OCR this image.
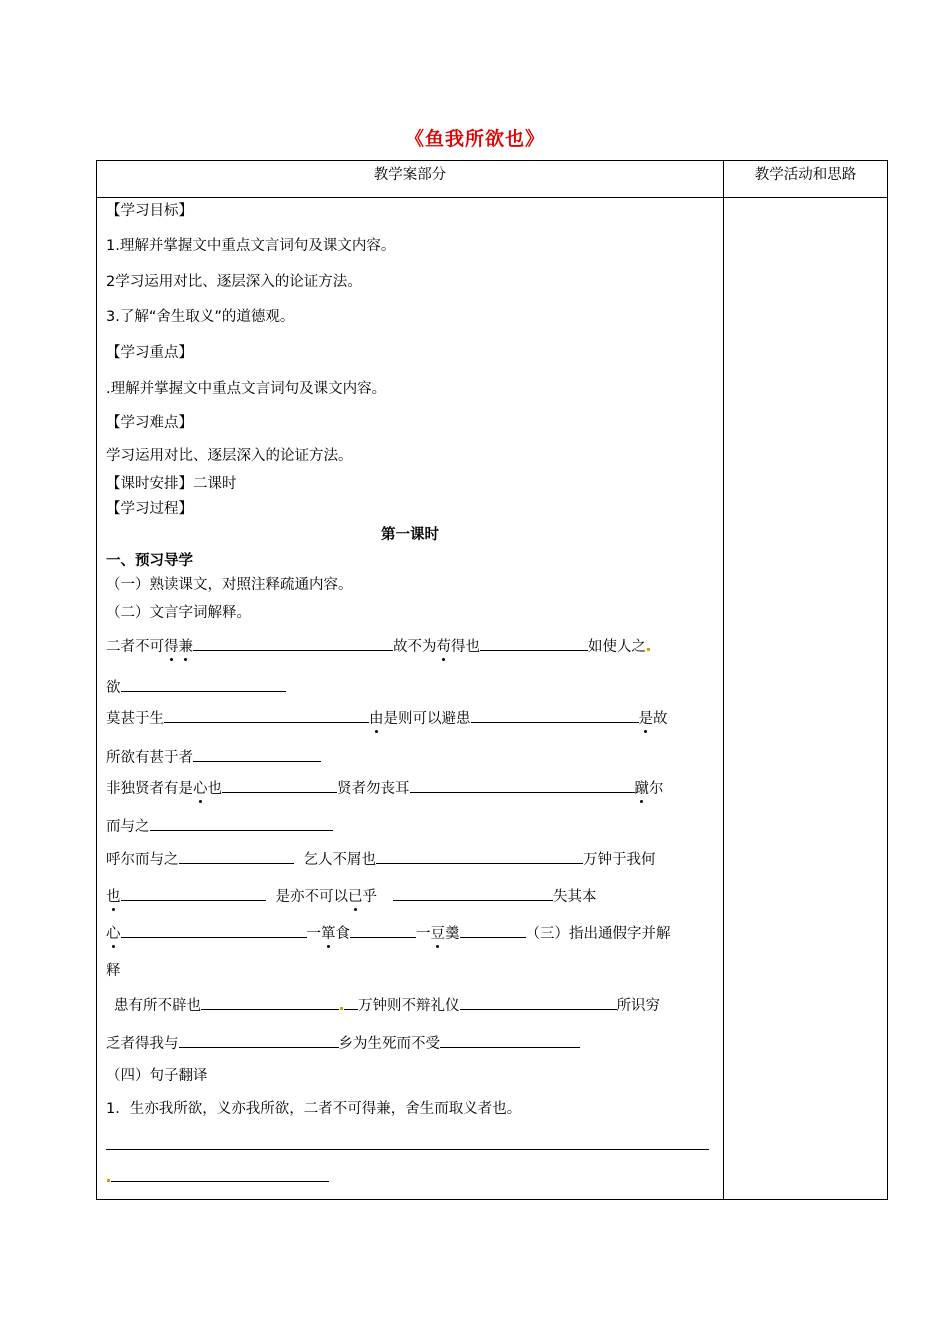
《鱼我所欲也》
教学案部分	教学活动和思路
【学习目标】
1.理解并掌握文中重点文言词句及课文内容。
2学习运用对比、逐层深入的论证方法。
3.了解“舍生取义”的道德观。
【学习重点】
.理解并掌握文中重点文言词句及课文内容。
【学习难点】
学习运用对比、逐层深入的论证方法。
【课时安排】二课时
【学习过程】
第一课时
一、预习导学
（一）熟读课文，对照注释疏通内容。
（二）文言字词解释。
二者不可得兼	故不为苟得也	如使人之
欲
莫甚于生	由是则可以避患	是故
所欲有甚于者
非独贤者有是心也	贤者勿丧耳	蹴尔
而与之
呼尔而与之	乞人不屑也	万钟于我何
也	是亦不可以已乎	失其本
心	一箪食	一豆羹	（三）指出通假字并解
释
患有所不辟也	万钟则不辩礼仪	所识穷
乏者得我与	乡为生死而不受
（四）句子翻译
1．生亦我所欲，义亦我所欲，二者不可得兼，舍生而取义者也。
